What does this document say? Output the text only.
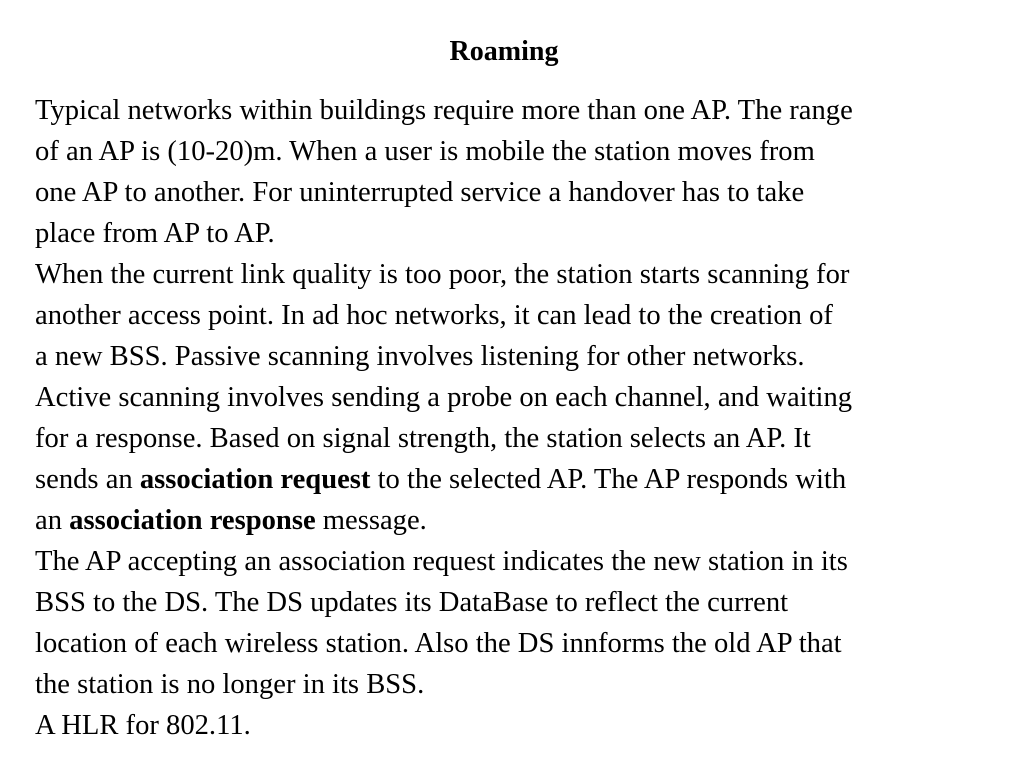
Roaming

Typical networks within buildings require more than one AP. The range
of an AP is (10-20)m. When a user is mobile the station moves from
one AP to another. For uninterrupted service a handover has to take
place from AP to AP.

When the current link quality is too poor, the station starts scanning for
another access point. In ad hoc networks, it can lead to the creation of
a new BSS. Passive scanning involves listening for other networks.
Active scanning involves sending a probe on each channel, and waiting
for a response. Based on signal strength, the station selects an AP. It
sends an association request to the selected AP. The AP responds with
an association response message.

The AP accepting an association request indicates the new station in its
BSS to the DS. The DS updates its DataBase to reflect the current
location of each wireless station. Also the DS innforms the old AP that
the station is no longer in its BSS.

A HLR for 802.11.
